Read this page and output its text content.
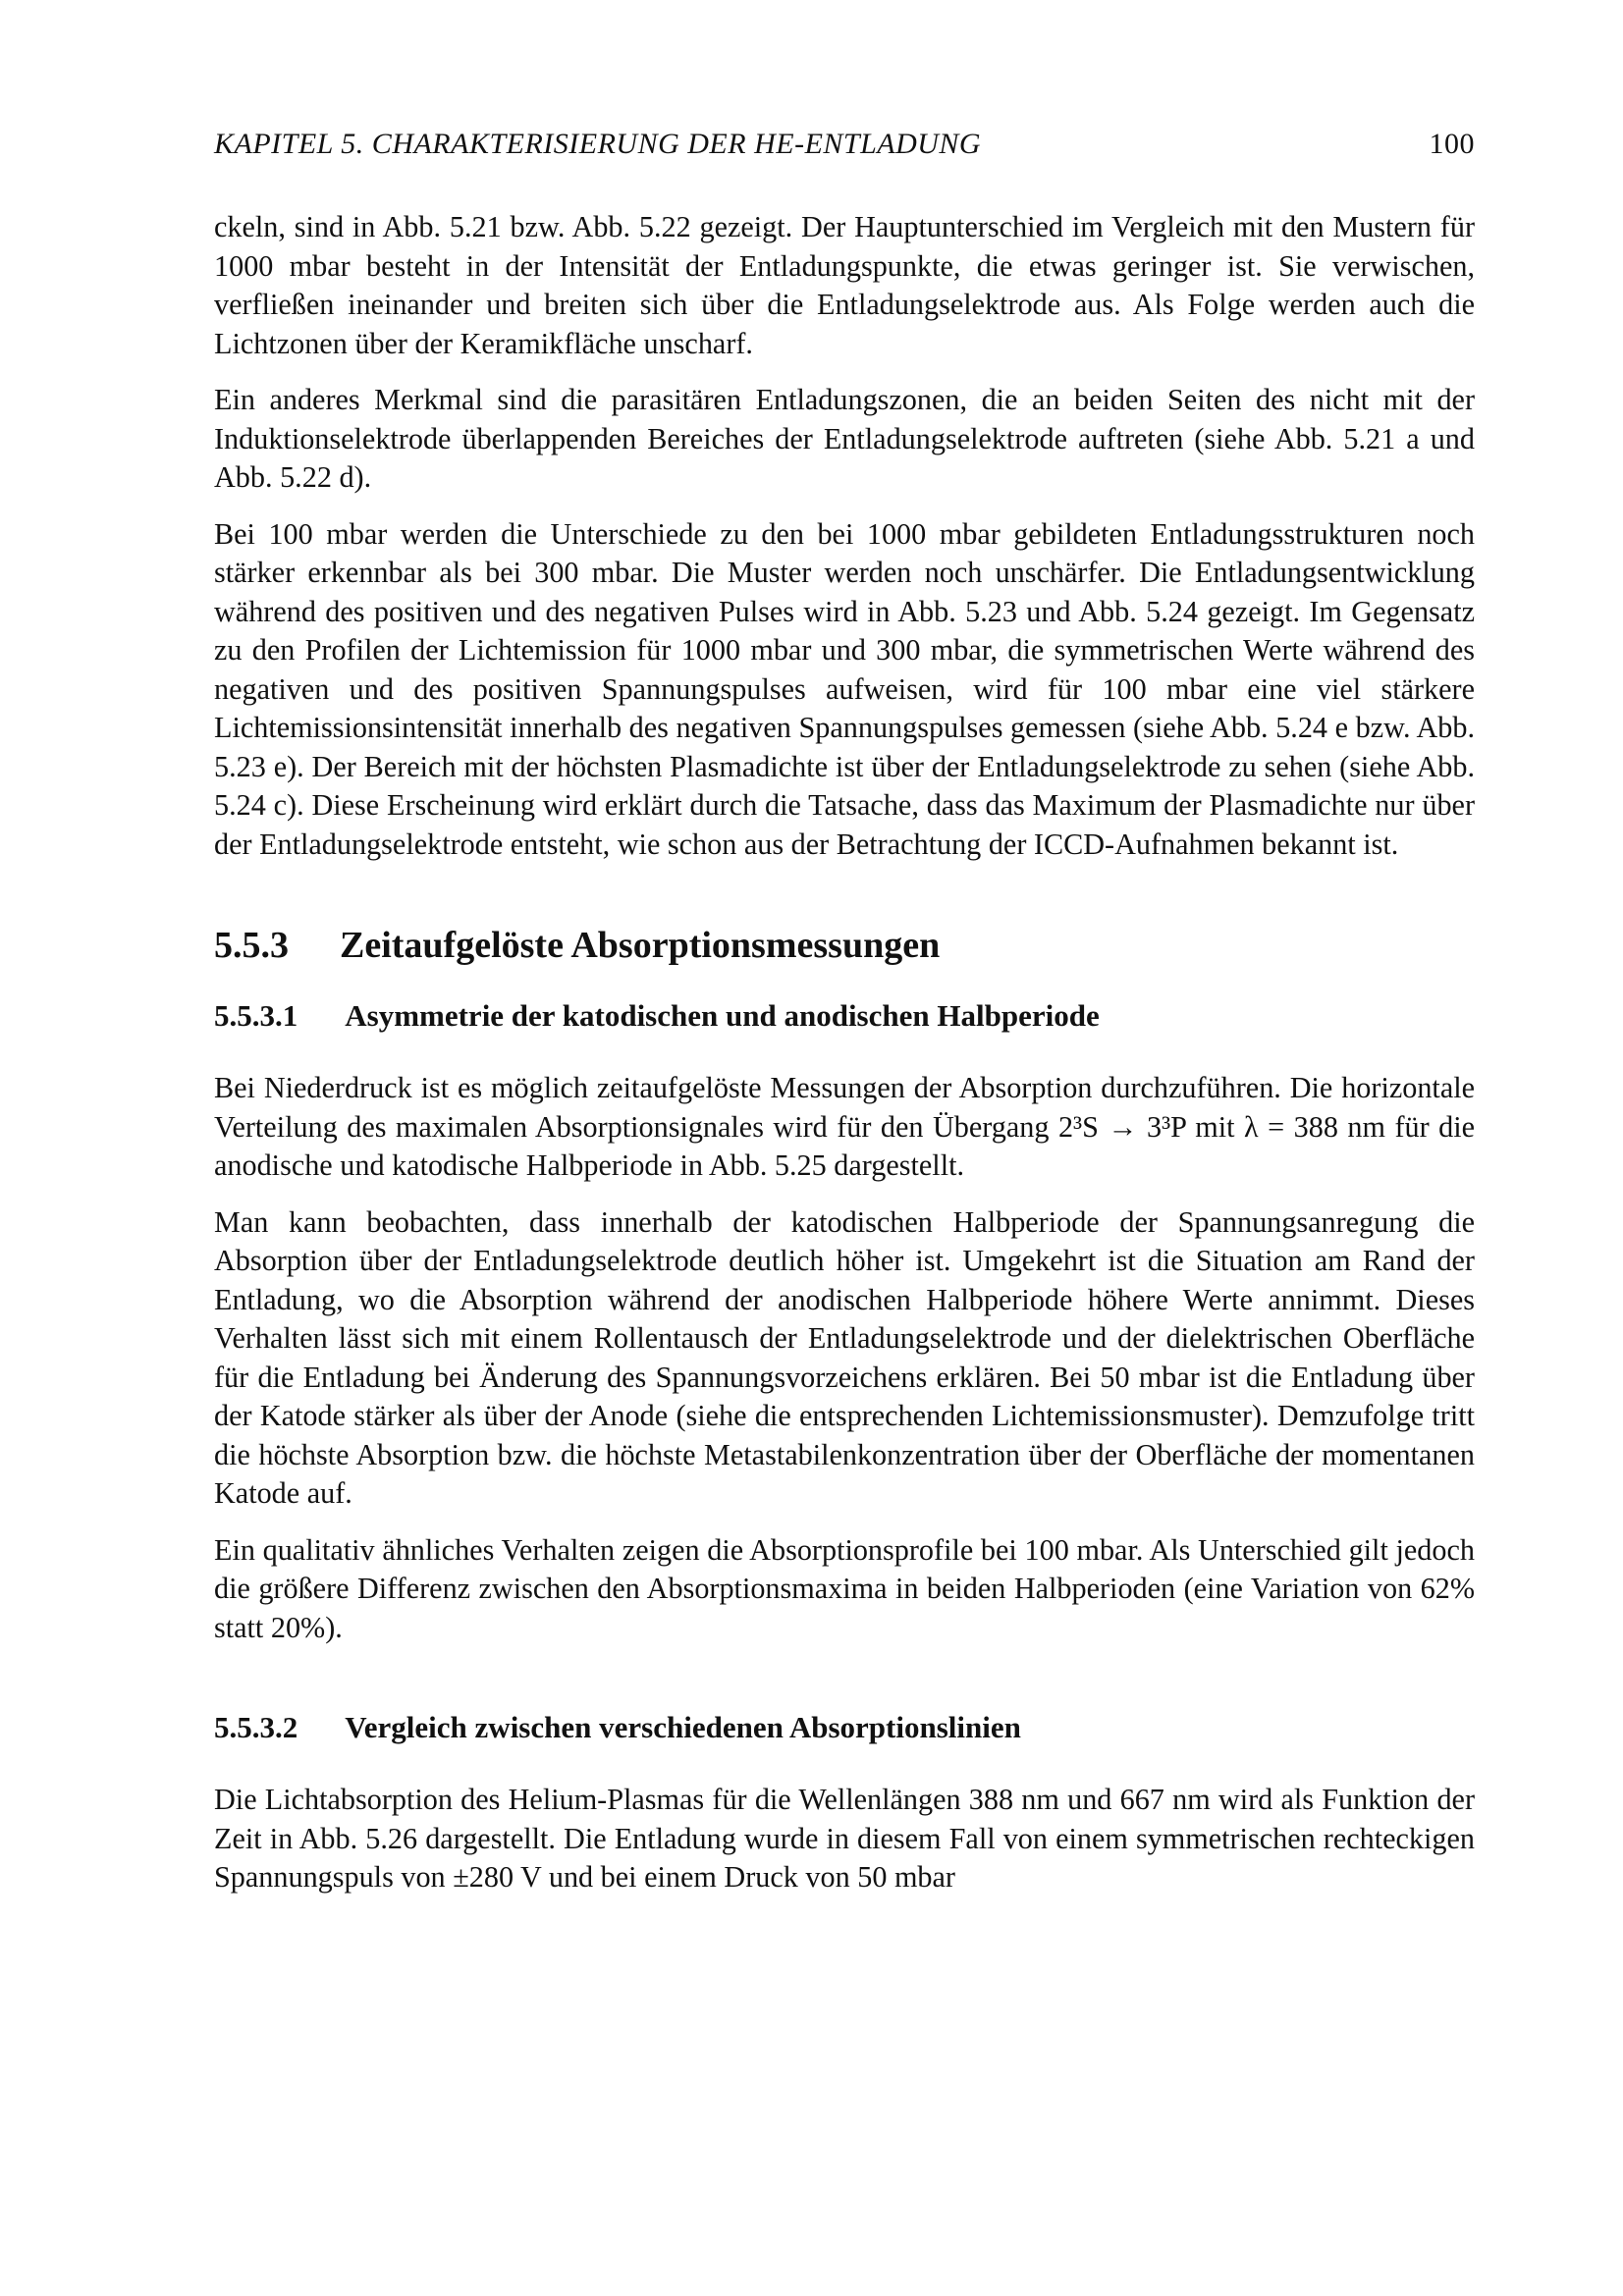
KAPITEL 5. CHARAKTERISIERUNG DER HE-ENTLADUNG	100

ckeln, sind in Abb. 5.21 bzw. Abb. 5.22 gezeigt. Der Hauptunterschied im Vergleich mit den Mustern für 1000 mbar besteht in der Intensität der Entladungspunkte, die etwas geringer ist. Sie verwischen, verfließen ineinander und breiten sich über die Entladungselektrode aus. Als Folge werden auch die Lichtzonen über der Keramikfläche unscharf.

Ein anderes Merkmal sind die parasitären Entladungszonen, die an beiden Seiten des nicht mit der Induktionselektrode überlappenden Bereiches der Entladungselektrode auftreten (siehe Abb. 5.21 a und Abb. 5.22 d).

Bei 100 mbar werden die Unterschiede zu den bei 1000 mbar gebildeten Entladungsstrukturen noch stärker erkennbar als bei 300 mbar. Die Muster werden noch unschärfer. Die Entladungsentwicklung während des positiven und des negativen Pulses wird in Abb. 5.23 und Abb. 5.24 gezeigt. Im Gegensatz zu den Profilen der Lichtemission für 1000 mbar und 300 mbar, die symmetrischen Werte während des negativen und des positiven Spannungspulses aufweisen, wird für 100 mbar eine viel stärkere Lichtemissionsintensität innerhalb des negativen Spannungspulses gemessen (siehe Abb. 5.24 e bzw. Abb. 5.23 e). Der Bereich mit der höchsten Plasmadichte ist über der Entladungselektrode zu sehen (siehe Abb. 5.24 c). Diese Erscheinung wird erklärt durch die Tatsache, dass das Maximum der Plasmadichte nur über der Entladungselektrode entsteht, wie schon aus der Betrachtung der ICCD-Aufnahmen bekannt ist.

5.5.3 Zeitaufgelöste Absorptionsmessungen
5.5.3.1 Asymmetrie der katodischen und anodischen Halbperiode

Bei Niederdruck ist es möglich zeitaufgelöste Messungen der Absorption durchzuführen. Die horizontale Verteilung des maximalen Absorptionsignales wird für den Übergang 2³S → 3³P mit λ = 388 nm für die anodische und katodische Halbperiode in Abb. 5.25 dargestellt.

Man kann beobachten, dass innerhalb der katodischen Halbperiode der Spannungsanregung die Absorption über der Entladungselektrode deutlich höher ist. Umgekehrt ist die Situation am Rand der Entladung, wo die Absorption während der anodischen Halbperiode höhere Werte annimmt. Dieses Verhalten lässt sich mit einem Rollentausch der Entladungselektrode und der dielektrischen Oberfläche für die Entladung bei Änderung des Spannungsvorzeichens erklären. Bei 50 mbar ist die Entladung über der Katode stärker als über der Anode (siehe die entsprechenden Lichtemissionsmuster). Demzufolge tritt die höchste Absorption bzw. die höchste Metastabilenkonzentration über der Oberfläche der momentanen Katode auf.

Ein qualitativ ähnliches Verhalten zeigen die Absorptionsprofile bei 100 mbar. Als Unterschied gilt jedoch die größere Differenz zwischen den Absorptionsmaxima in beiden Halbperioden (eine Variation von 62% statt 20%).

5.5.3.2 Vergleich zwischen verschiedenen Absorptionslinien

Die Lichtabsorption des Helium-Plasmas für die Wellenlängen 388 nm und 667 nm wird als Funktion der Zeit in Abb. 5.26 dargestellt. Die Entladung wurde in diesem Fall von einem symmetrischen rechteckigen Spannungspuls von ±280 V und bei einem Druck von 50 mbar
